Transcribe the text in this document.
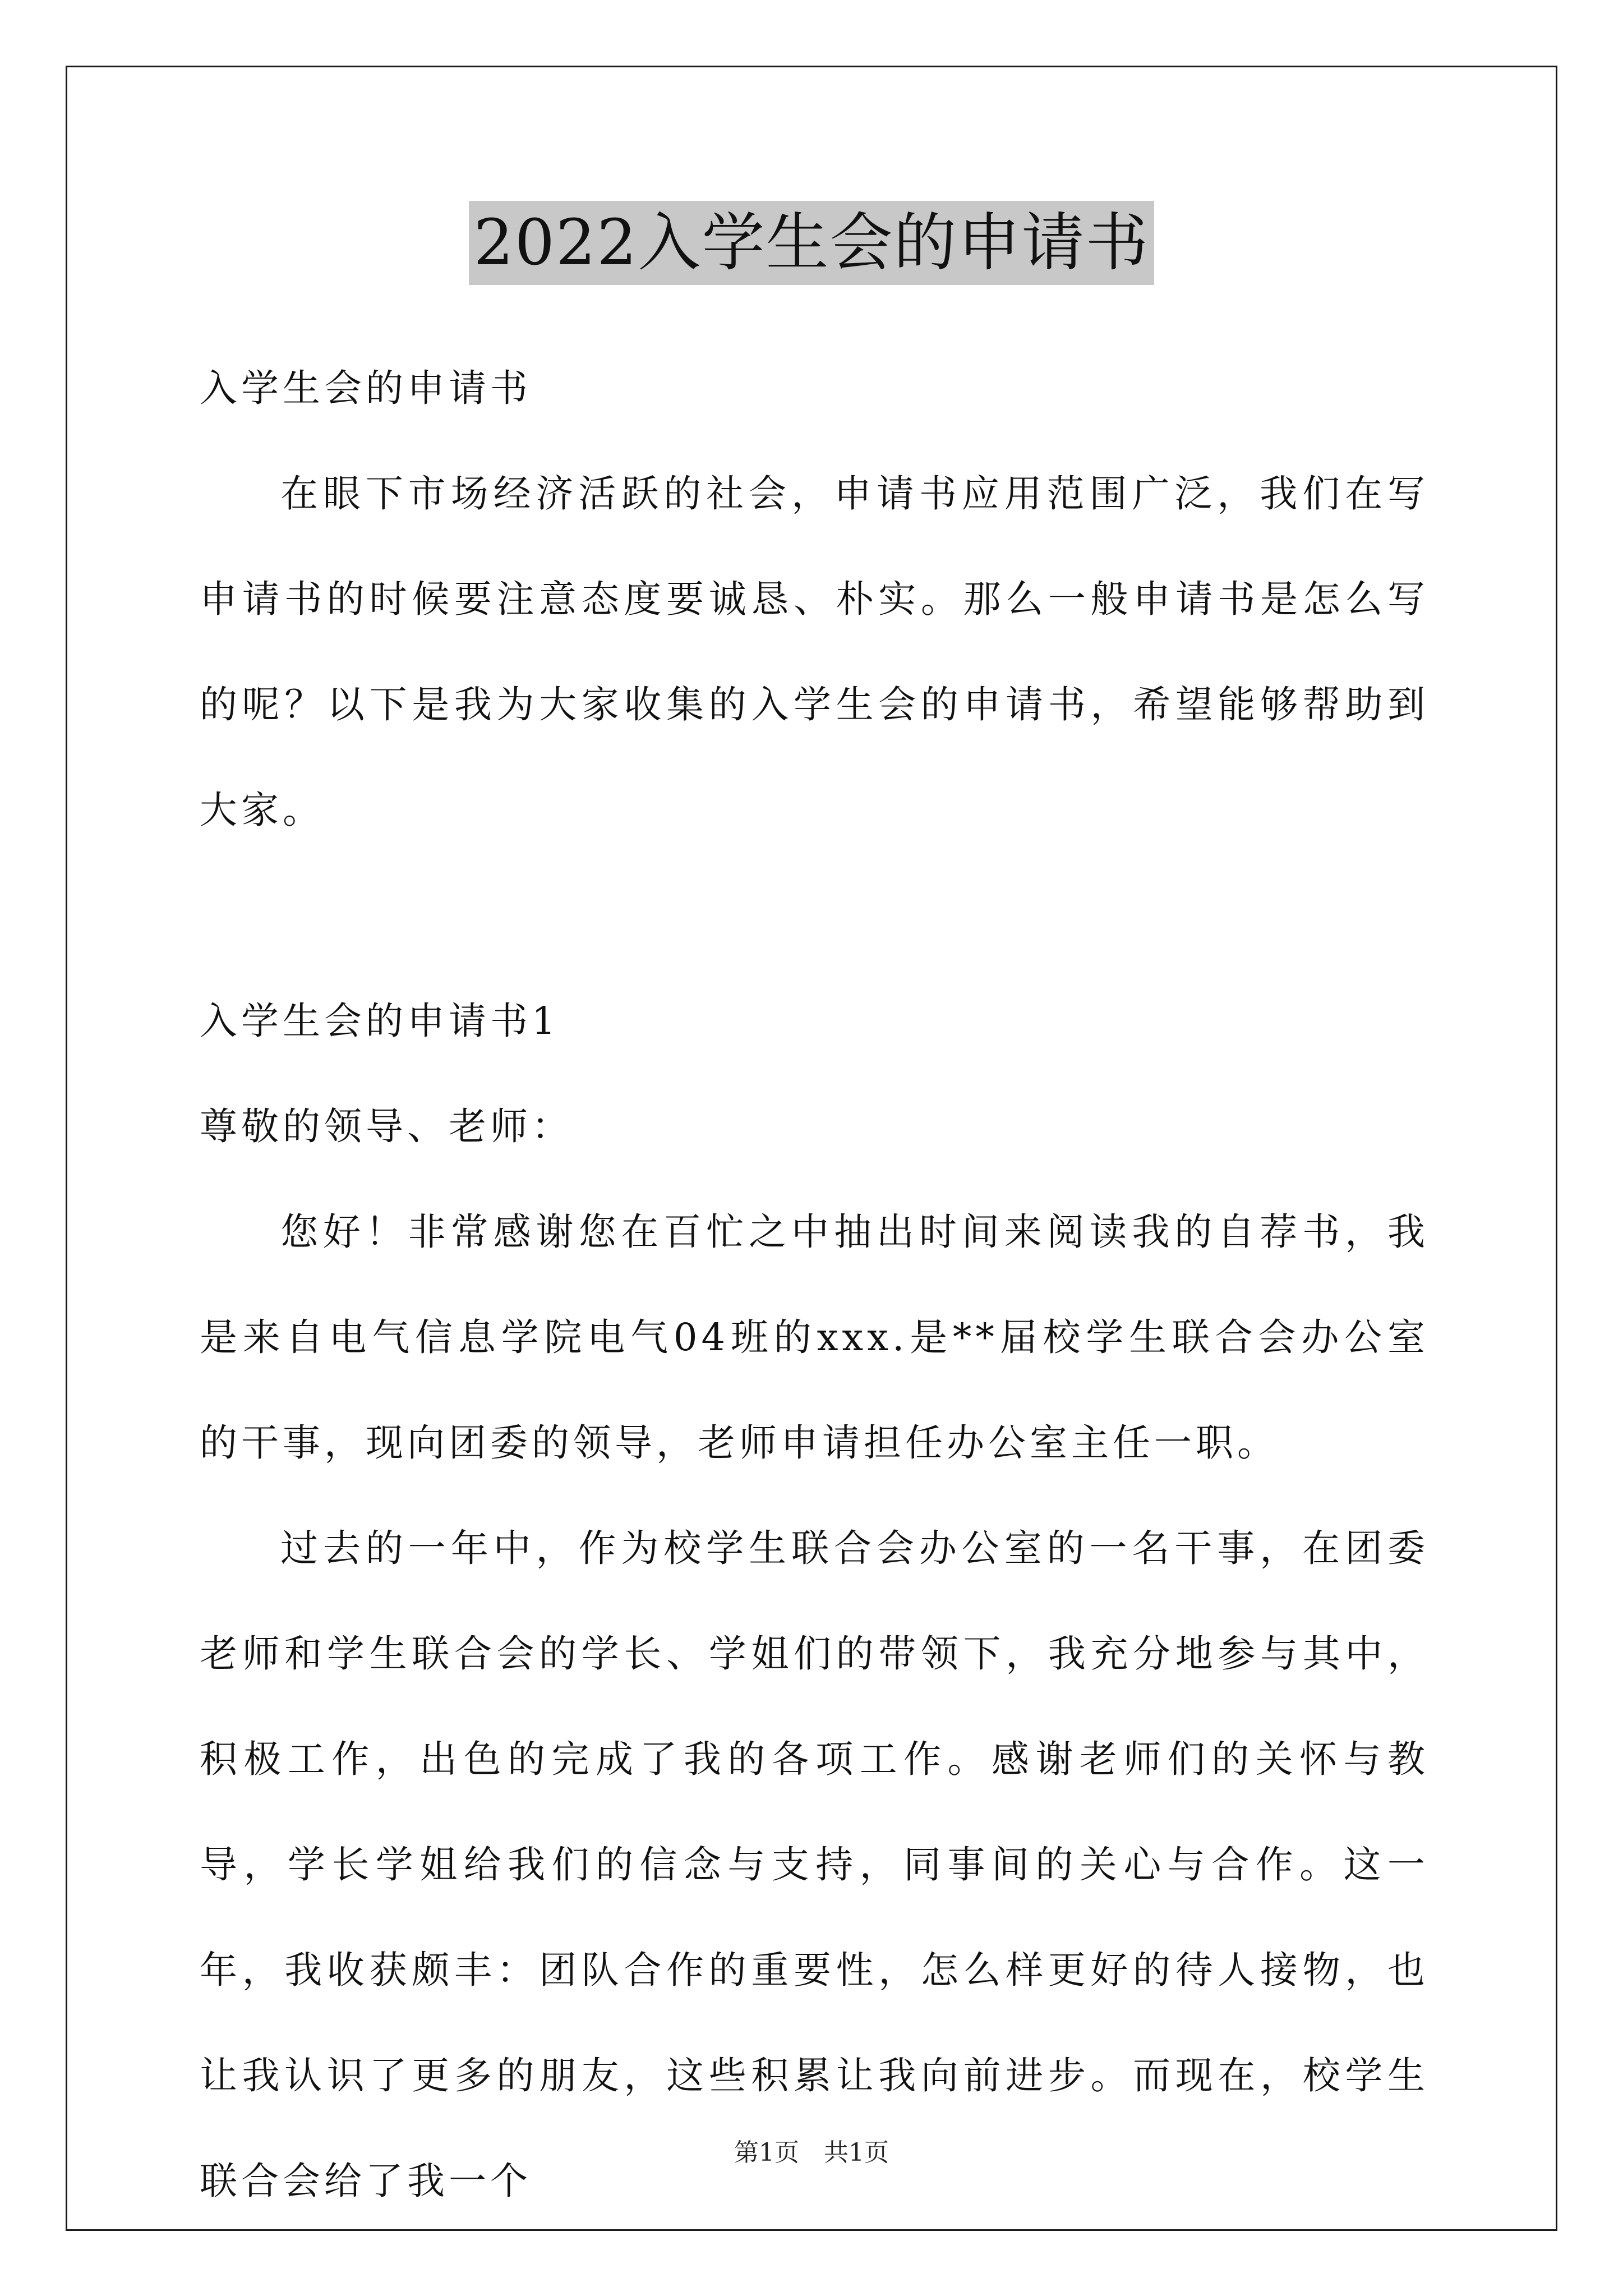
2022入学生会的申请书

入学生会的申请书

在眼下市场经济活跃的社会，申请书应用范围广泛，我们在写申请书的时候要注意态度要诚恳、朴实。那么一般申请书是怎么写的呢？以下是我为大家收集的入学生会的申请书，希望能够帮助到大家。

入学生会的申请书1

尊敬的领导、老师：

您好！非常感谢您在百忙之中抽出时间来阅读我的自荐书，我是来自电气信息学院电气04班的xxx.是**届校学生联合会办公室的干事，现向团委的领导，老师申请担任办公室主任一职。

过去的一年中，作为校学生联合会办公室的一名干事，在团委老师和学生联合会的学长、学姐们的带领下，我充分地参与其中，积极工作，出色的完成了我的各项工作。感谢老师们的关怀与教导，学长学姐给我们的信念与支持，同事间的关心与合作。这一年，我收获颇丰：团队合作的重要性，怎么样更好的待人接物，也让我认识了更多的朋友，这些积累让我向前进步。而现在，校学生联合会给了我一个

第1页　共1页
